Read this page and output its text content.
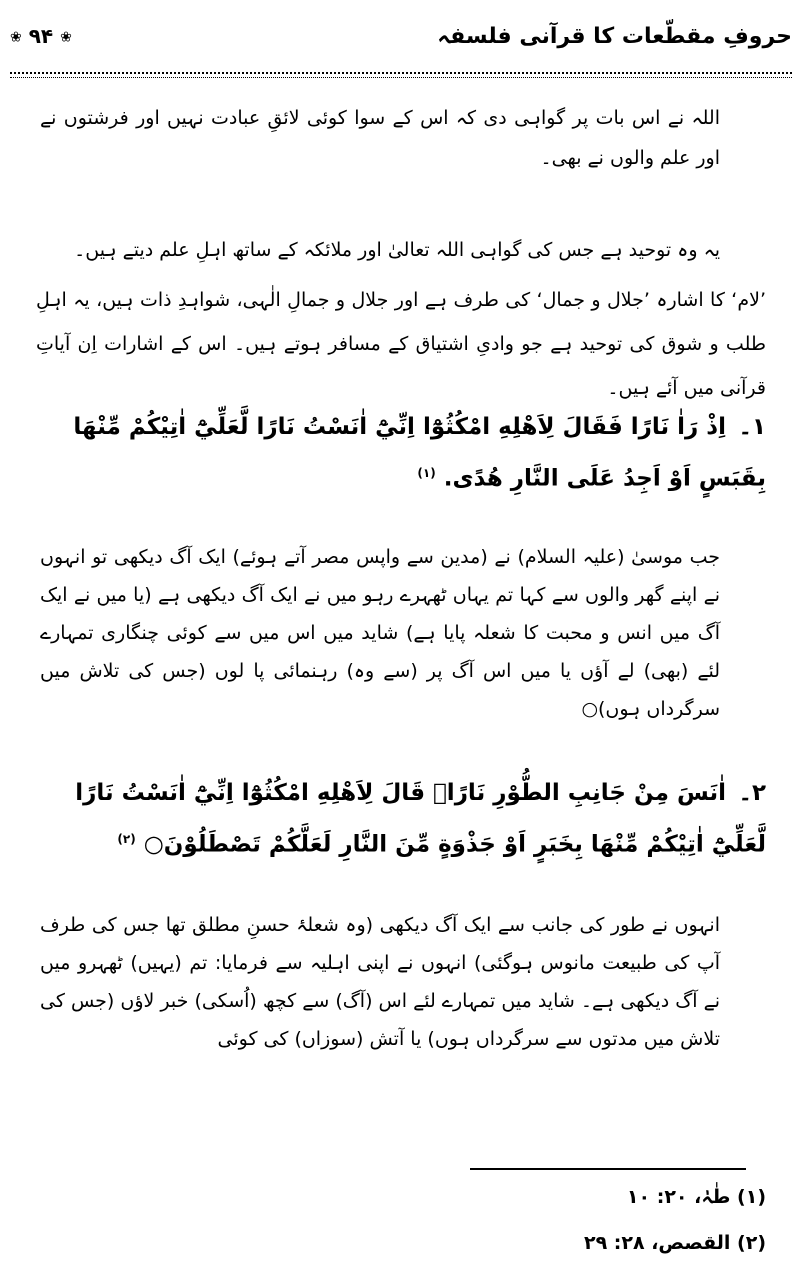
حروفِ مقطّعات کا قرآنی فلسفہ
❀ ۹۴ ❀

اللہ نے اس بات پر گواہی دی کہ اس کے سوا کوئی لائقِ عبادت نہیں اور فرشتوں نے اور علم والوں نے بھی۔

یہ وہ توحید ہے جس کی گواہی اللہ تعالیٰ اور ملائکہ کے ساتھ اہلِ علم دیتے ہیں۔

’لام‘ کا اشارہ ’جلال و جمال‘ کی طرف ہے اور جلال و جمالِ الٰہی، شواہدِ ذات ہیں، یہ اہلِ طلب و شوق کی توحید ہے جو وادیِ اشتیاق کے مسافر ہوتے ہیں۔ اس کے اشارات اِن آیاتِ قرآنی میں آئے ہیں۔

۱۔اِذْ رَاٰ نَارًا فَقَالَ لِاَهْلِهِ امْكُثُوْٓا اِنِّيْٓ اٰنَسْتُ نَارًا لَّعَلِّيْٓ اٰتِيْكُمْ مِّنْهَا بِقَبَسٍ اَوْ اَجِدُ عَلَى النَّارِ هُدًى. $^{(۱)}$

جب موسیٰ (علیہ السلام) نے (مدین سے واپس مصر آتے ہوئے) ایک آگ دیکھی تو انہوں نے اپنے گھر والوں سے کہا تم یہاں ٹھہرے رہو میں نے ایک آگ دیکھی ہے (یا میں نے ایک آگ میں انس و محبت کا شعلہ پایا ہے) شاید میں اس میں سے کوئی چنگاری تمہارے لئے (بھی) لے آؤں یا میں اس آگ پر (سے وہ) رہنمائی پا لوں (جس کی تلاش میں سرگرداں ہوں)○

۲۔اٰنَسَ مِنْ جَانِبِ الطُّوْرِ نَارًاۚ قَالَ لِاَهْلِهِ امْكُثُوْٓا اِنِّيْٓ اٰنَسْتُ نَارًا لَّعَلِّيْٓ اٰتِيْكُمْ مِّنْهَا بِخَبَرٍ اَوْ جَذْوَةٍ مِّنَ النَّارِ لَعَلَّكُمْ تَصْطَلُوْنَ○ $^{(۲)}$

انہوں نے طور کی جانب سے ایک آگ دیکھی (وہ شعلۂ حسنِ مطلق تھا جس کی طرف آپ کی طبیعت مانوس ہوگئی) انہوں نے اپنی اہلیہ سے فرمایا: تم (یہیں) ٹھہرو میں نے آگ دیکھی ہے۔ شاید میں تمہارے لئے اس (آگ) سے کچھ (اُسکی) خبر لاؤں (جس کی تلاش میں مدتوں سے سرگرداں ہوں) یا آتش (سوزاں) کی کوئی

(۱) طٰہٰ، ۲۰: ۱۰
(۲) القصص، ۲۸: ۲۹
